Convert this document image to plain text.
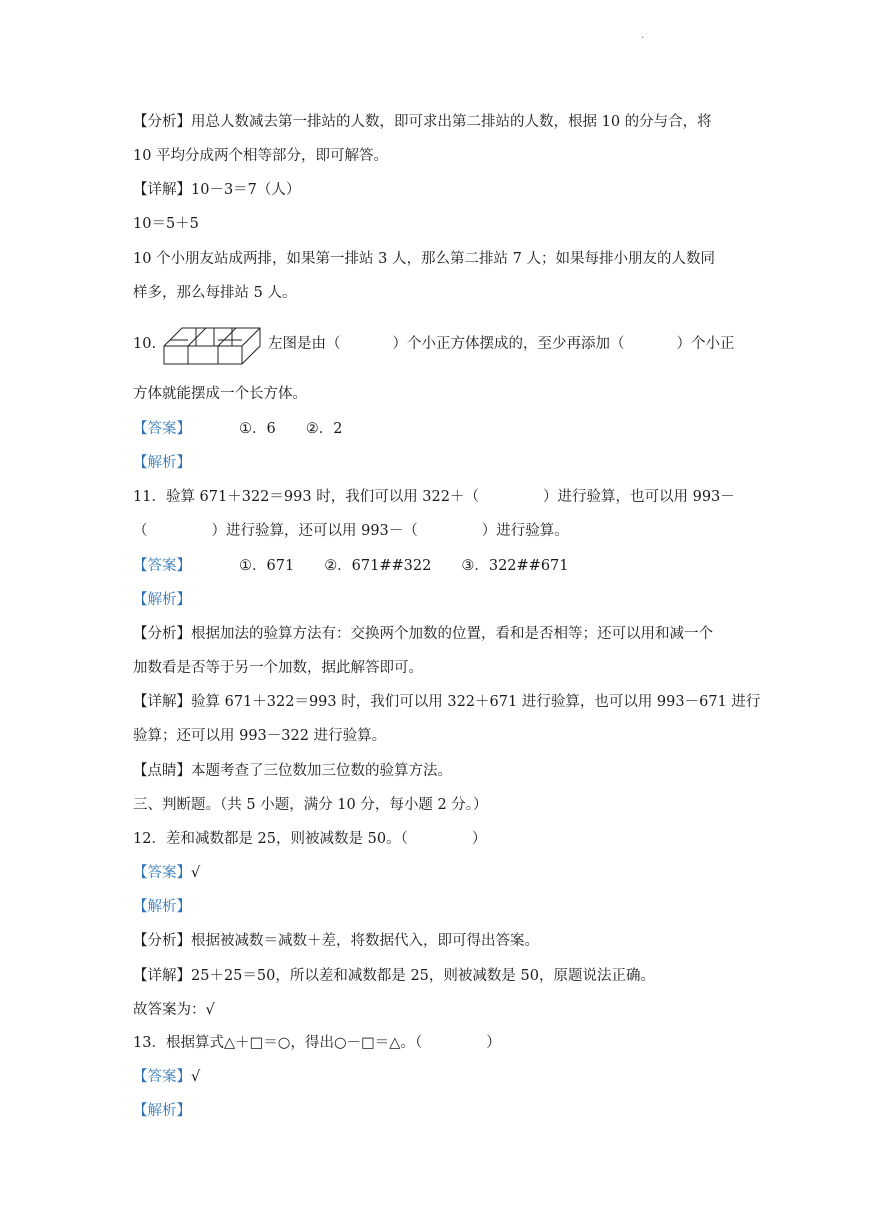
.
【分析】用总人数减去第一排站的人数，即可求出第二排站的人数，根据 10 的分与合，将
10 平均分成两个相等部分，即可解答。
【详解】10－3＝7（人）
10＝5＋5
10 个小朋友站成两排，如果第一排站 3 人，那么第二排站 7 人；如果每排小朋友的人数同
样多，那么每排站 5 人。
方体就能摆成一个长方体。
【答案】	①．6 ②．2
【解析】
11．验算 671＋322＝993 时，我们可以用 322＋（	）进行验算，也可以用 993－
（	）进行验算，还可以用 993－（	）进行验算。
【答案】	①．671 ②．671##322 ③．322##671
【解析】
【分析】根据加法的验算方法有：交换两个加数的位置，看和是否相等；还可以用和减一个
加数看是否等于另一个加数，据此解答即可。
【详解】验算 671＋322＝993 时，我们可以用 322＋671 进行验算，也可以用 993－671 进行
验算；还可以用 993－322 进行验算。
【点睛】本题考查了三位数加三位数的验算方法。
三、判断题。（共 5 小题，满分 10 分，每小题 2 分。）
12．差和减数都是 25，则被减数是 50。（	）
【答案】√
【解析】
【分析】根据被减数＝减数＋差，将数据代入，即可得出答案。
【详解】25＋25＝50，所以差和减数都是 25，则被减数是 50，原题说法正确。
故答案为：√
13．根据算式△＋□＝○，得出○－□＝△。（	）
【答案】√
【解析】
10.	左图是由（	）个小正方体摆成的，至少再添加（	）个小正
